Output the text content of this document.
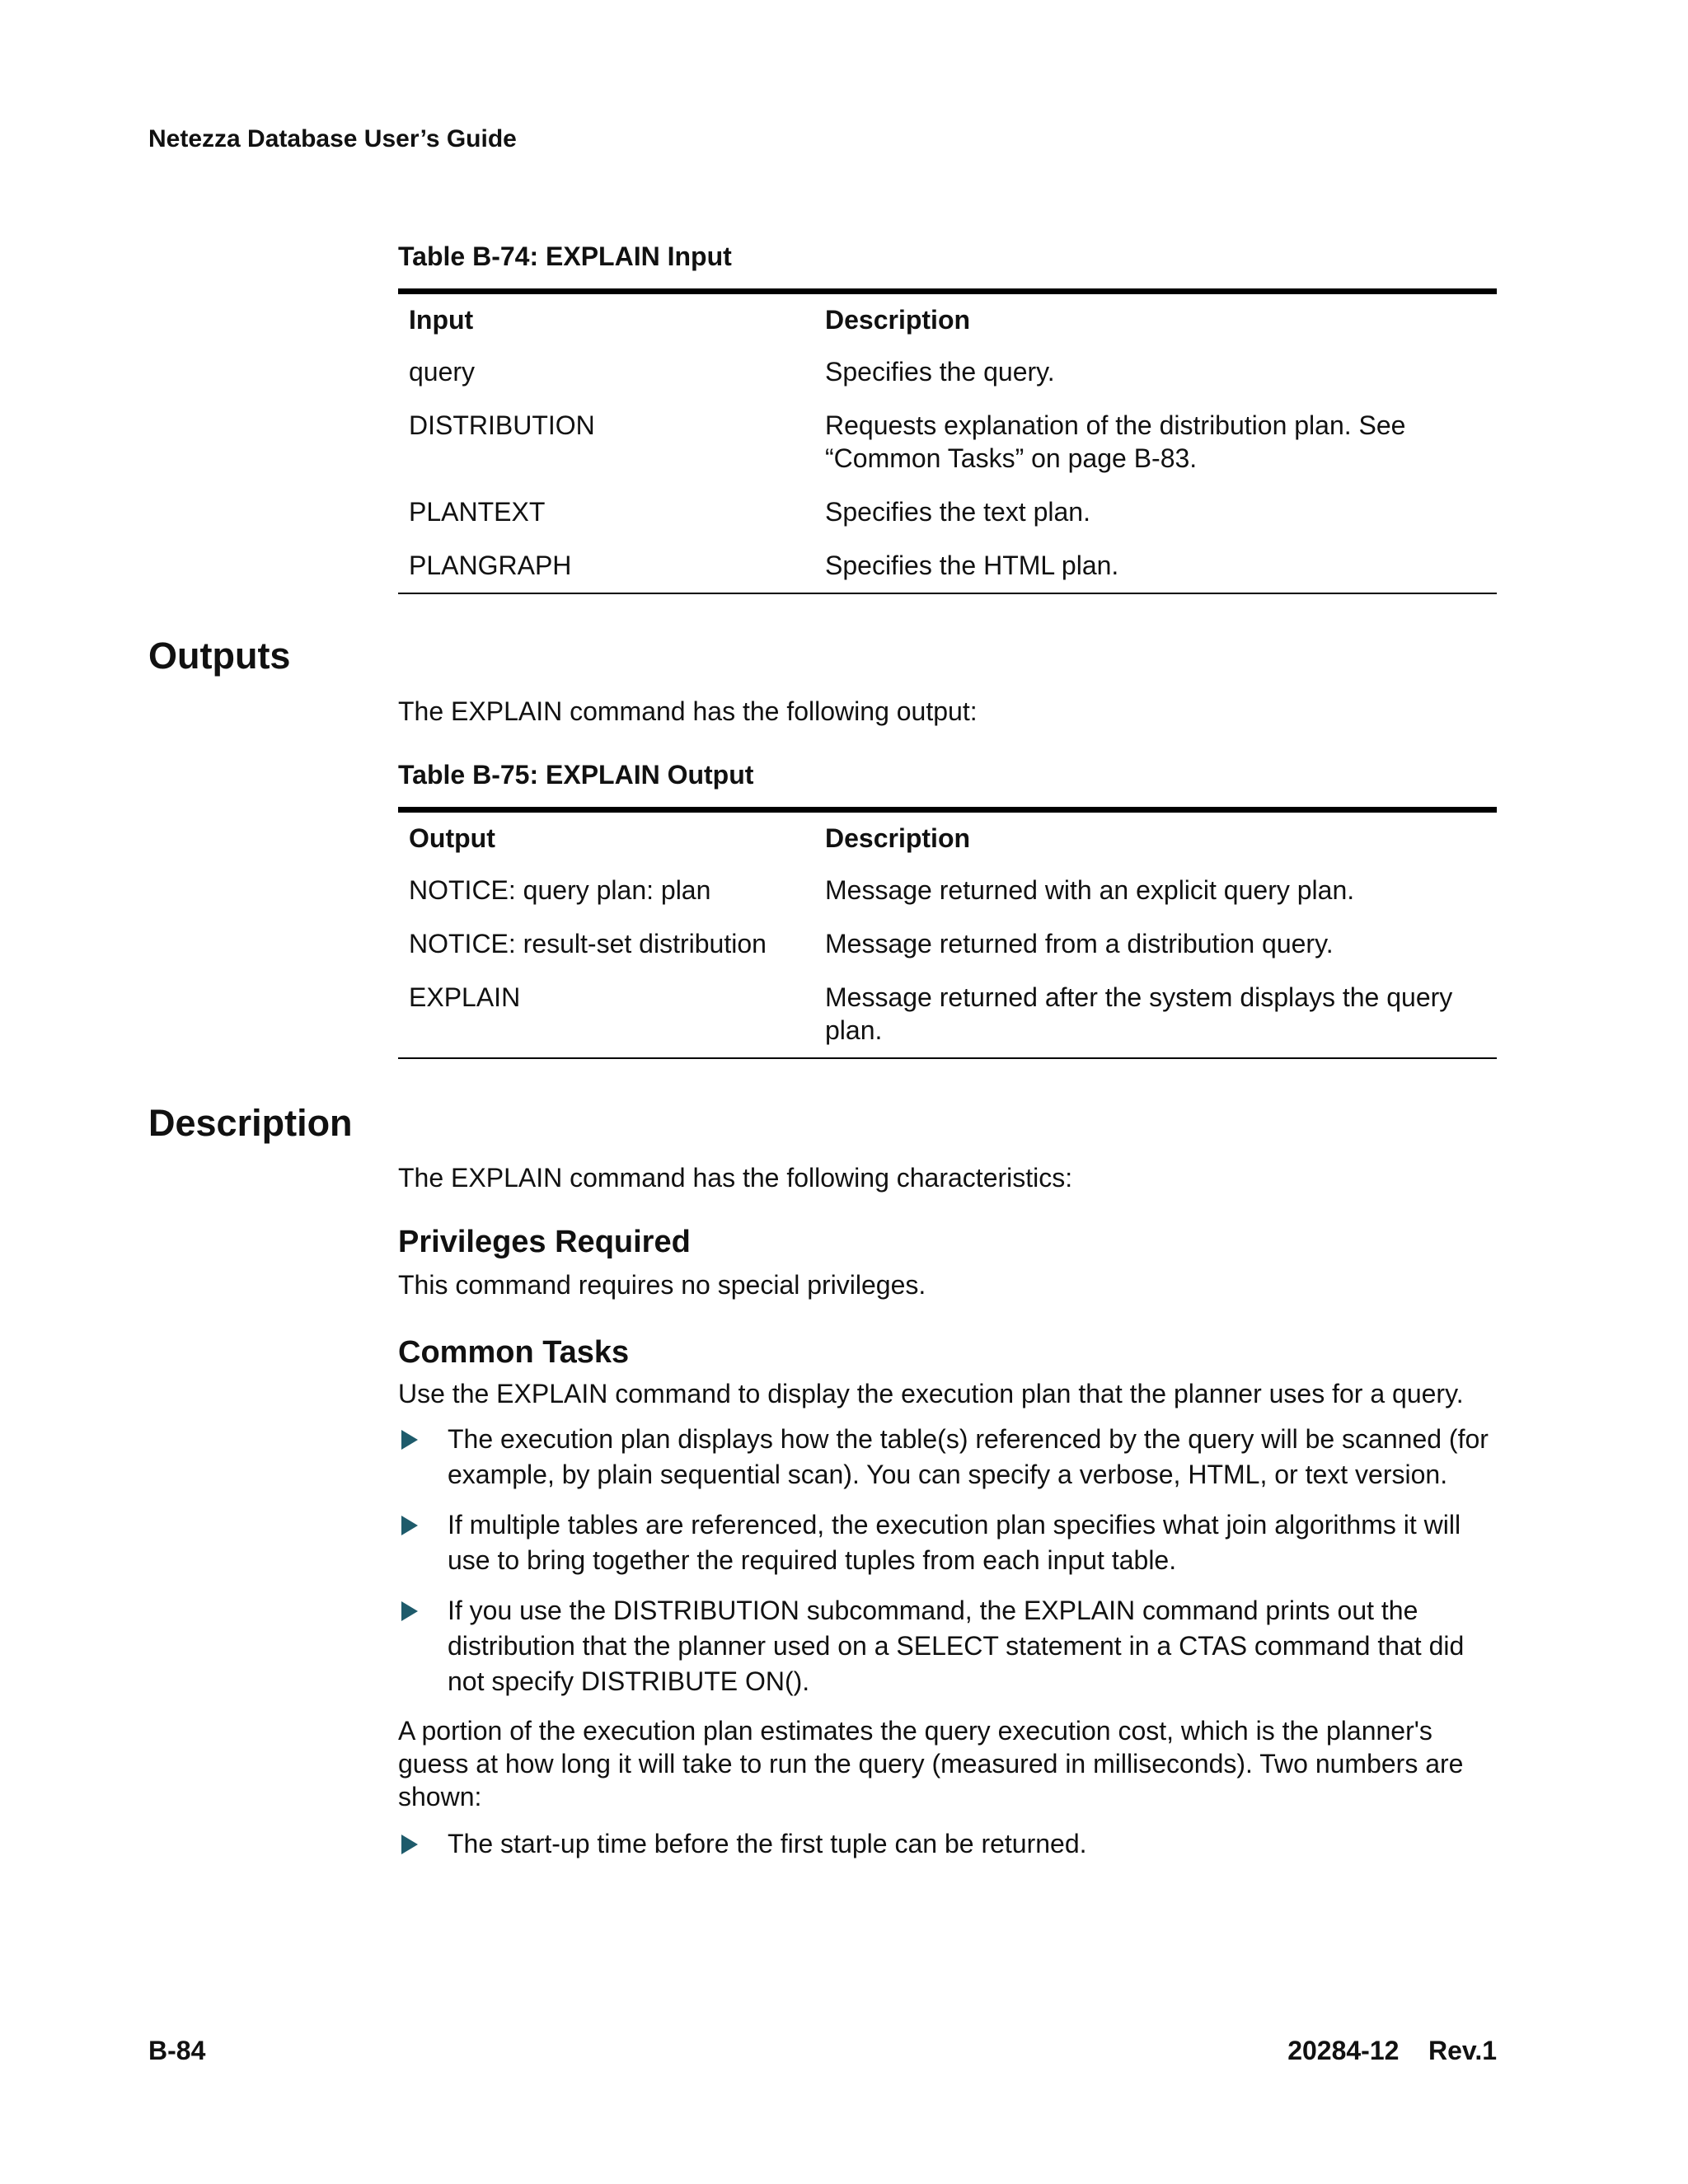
Netezza Database User’s Guide
Table B-74: EXPLAIN Input
Input	Description
query	Specifies the query.
DISTRIBUTION	Requests explanation of the distribution plan. See “Common Tasks” on page B-83.
PLANTEXT	Specifies the text plan.
PLANGRAPH	Specifies the HTML plan.
Outputs

The EXPLAIN command has the following output:

Table B-75: EXPLAIN Output
Output	Description
NOTICE: query plan: plan	Message returned with an explicit query plan.
NOTICE: result-set distribution	Message returned from a distribution query.
EXPLAIN	Message returned after the system displays the query plan.
Description

The EXPLAIN command has the following characteristics:

Privileges Required

This command requires no special privileges.

Common Tasks

Use the EXPLAIN command to display the execution plan that the planner uses for a query.

The execution plan displays how the table(s) referenced by the query will be scanned (for example, by plain sequential scan). You can specify a verbose, HTML, or text version.
If multiple tables are referenced, the execution plan specifies what join algorithms it will use to bring together the required tuples from each input table.
If you use the DISTRIBUTION subcommand, the EXPLAIN command prints out the distribution that the planner used on a SELECT statement in a CTAS command that did not specify DISTRIBUTE ON().

A portion of the execution plan estimates the query execution cost, which is the planner's guess at how long it will take to run the query (measured in milliseconds). Two numbers are shown:

The start-up time before the first tuple can be returned.
B-84	20284-12    Rev.1
